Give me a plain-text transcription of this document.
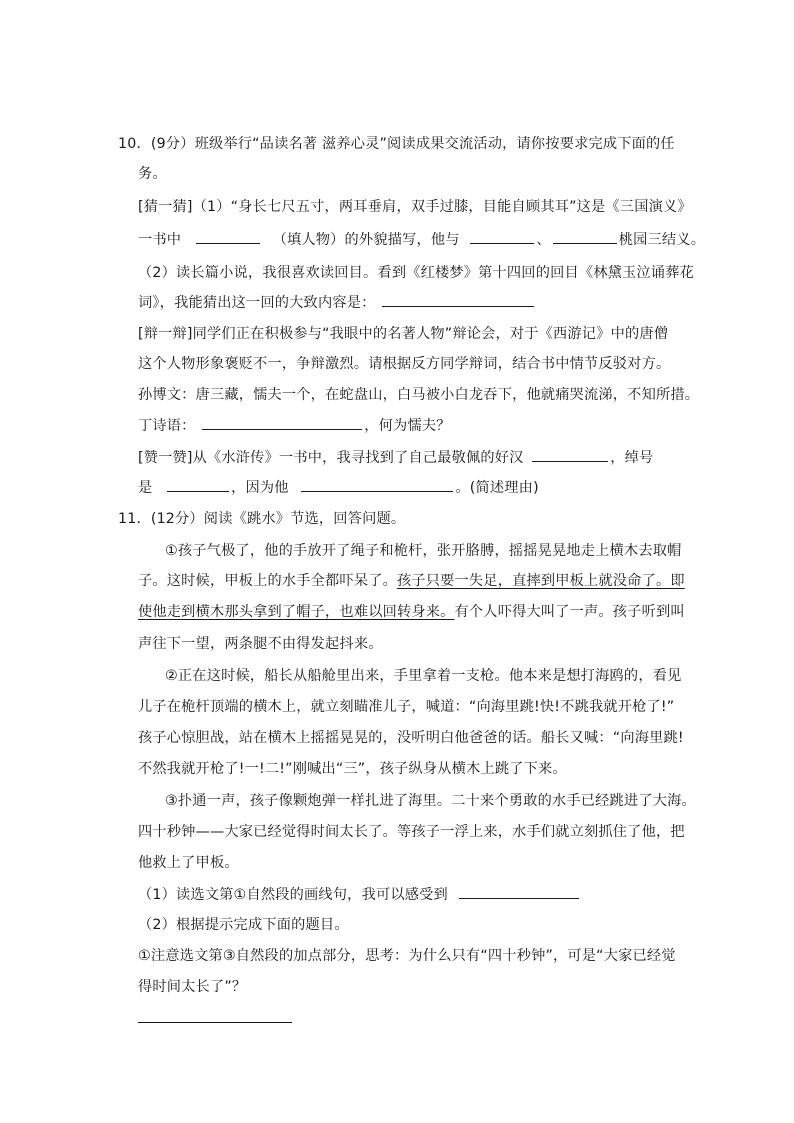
10．(9分）班级举行“品读名著 滋养心灵”阅读成果交流活动，请你按要求完成下面的任
务。
[猜一猜]（1）“身长七尺五寸，两耳垂肩，双手过膝，目能自顾其耳”这是《三国演义》
一书中	（填人物）的外貌描写，他与	、	桃园三结义。
（2）读长篇小说，我很喜欢读回目。看到《红楼梦》第十四回的回目《林黛玉泣诵葬花
词》，我能猜出这一回的大致内容是：
[辩一辩]同学们正在积极参与“我眼中的名著人物”辩论会，对于《西游记》中的唐僧
这个人物形象褒贬不一，争辩激烈。请根据反方同学辩词，结合书中情节反驳对方。
孙博文：唐三藏，懦夫一个，在蛇盘山，白马被小白龙吞下，他就痛哭流涕，不知所措。
丁诗语：	，何为懦夫？
[赞一赞]从《水浒传》一书中，我寻找到了自己最敬佩的好汉	，绰号
是	，因为他	。(简述理由)
11．(12分）阅读《跳水》节选，回答问题。
①孩子气极了，他的手放开了绳子和桅杆，张开胳膊，摇摇晃晃地走上横木去取帽
子。这时候，甲板上的水手全都吓呆了。孩子只要一失足，直摔到甲板上就没命了。即
使他走到横木那头拿到了帽子，也难以回转身来。有个人吓得大叫了一声。孩子听到叫
声往下一望，两条腿不由得发起抖来。
②正在这时候，船长从船舱里出来，手里拿着一支枪。他本来是想打海鸥的，看见
儿子在桅杆顶端的横木上，就立刻瞄准儿子，喊道：“向海里跳!快!不跳我就开枪了!”
孩子心惊胆战，站在横木上摇摇晃晃的，没听明白他爸爸的话。船长又喊：“向海里跳!
不然我就开枪了!一!二!”刚喊出“三”，孩子纵身从横木上跳了下来。
③扑通一声，孩子像颗炮弹一样扎进了海里。二十来个勇敢的水手已经跳进了大海。
四十秒钟——大家已经觉得时间太长了。等孩子一浮上来，水手们就立刻抓住了他，把
他救上了甲板。
（1）读选文第①自然段的画线句，我可以感受到
（2）根据提示完成下面的题目。
①注意选文第③自然段的加点部分，思考：为什么只有“四十秒钟”，可是“大家已经觉
得时间太长了”？
